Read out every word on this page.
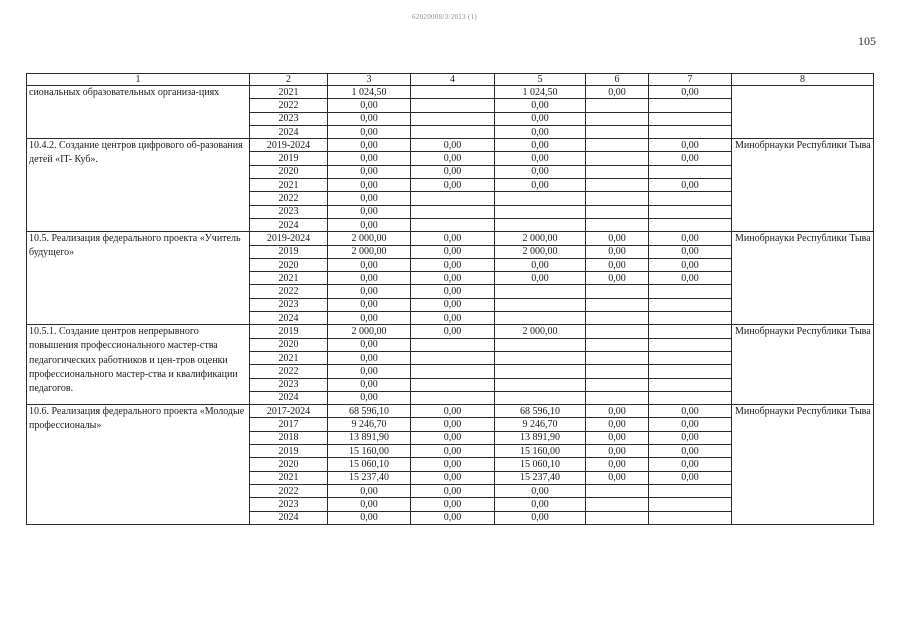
62020008/3/2013 (1)
105
1	2	3	4	5	6	7	8
сиональных образовательных организа-циях	2021	1 024,50		1 024,50	0,00	0,00	
	2022	0,00		0,00			
	2023	0,00		0,00			
	2024	0,00		0,00			
10.4.2. Создание центров цифрового об-разования детей «IT- Куб».	2019-2024	0,00	0,00	0,00		0,00	Минобрнауки Республики Тыва
	2019	0,00	0,00	0,00		0,00	
	2020	0,00	0,00	0,00			
	2021	0,00	0,00	0,00		0,00	
	2022	0,00					
	2023	0,00					
	2024	0,00					
10.5. Реализация федерального проекта «Учитель будущего»	2019-2024	2 000,00	0,00	2 000,00	0,00	0,00	Минобрнауки Республики Тыва
	2019	2 000,00	0,00	2 000,00	0,00	0,00	
	2020	0,00	0,00	0,00	0,00	0,00	
	2021	0,00	0,00	0,00	0,00	0,00	
	2022	0,00	0,00				
	2023	0,00	0,00				
	2024	0,00	0,00				
10.5.1. Создание центров непрерывного повышения профессионального мастер-ства педагогических работников и цен-тров оценки профессионального мастер-ства и квалификации педагогов.	2019	2 000,00	0,00	2 000,00			Минобрнауки Республики Тыва
	2020	0,00					
	2021	0,00					
	2022	0,00					
	2023	0,00					
	2024	0,00					
10.6. Реализация федерального проекта «Молодые профессионалы»	2017-2024	68 596,10	0,00	68 596,10	0,00	0,00	Минобрнауки Республики Тыва
	2017	9 246,70	0,00	9 246,70	0,00	0,00	
	2018	13 891,90	0,00	13 891,90	0,00	0,00	
	2019	15 160,00	0,00	15 160,00	0,00	0,00	
	2020	15 060,10	0,00	15 060,10	0,00	0,00	
	2021	15 237,40	0,00	15 237,40	0,00	0,00	
	2022	0,00	0,00	0,00			
	2023	0,00	0,00	0,00			
	2024	0,00	0,00	0,00			
